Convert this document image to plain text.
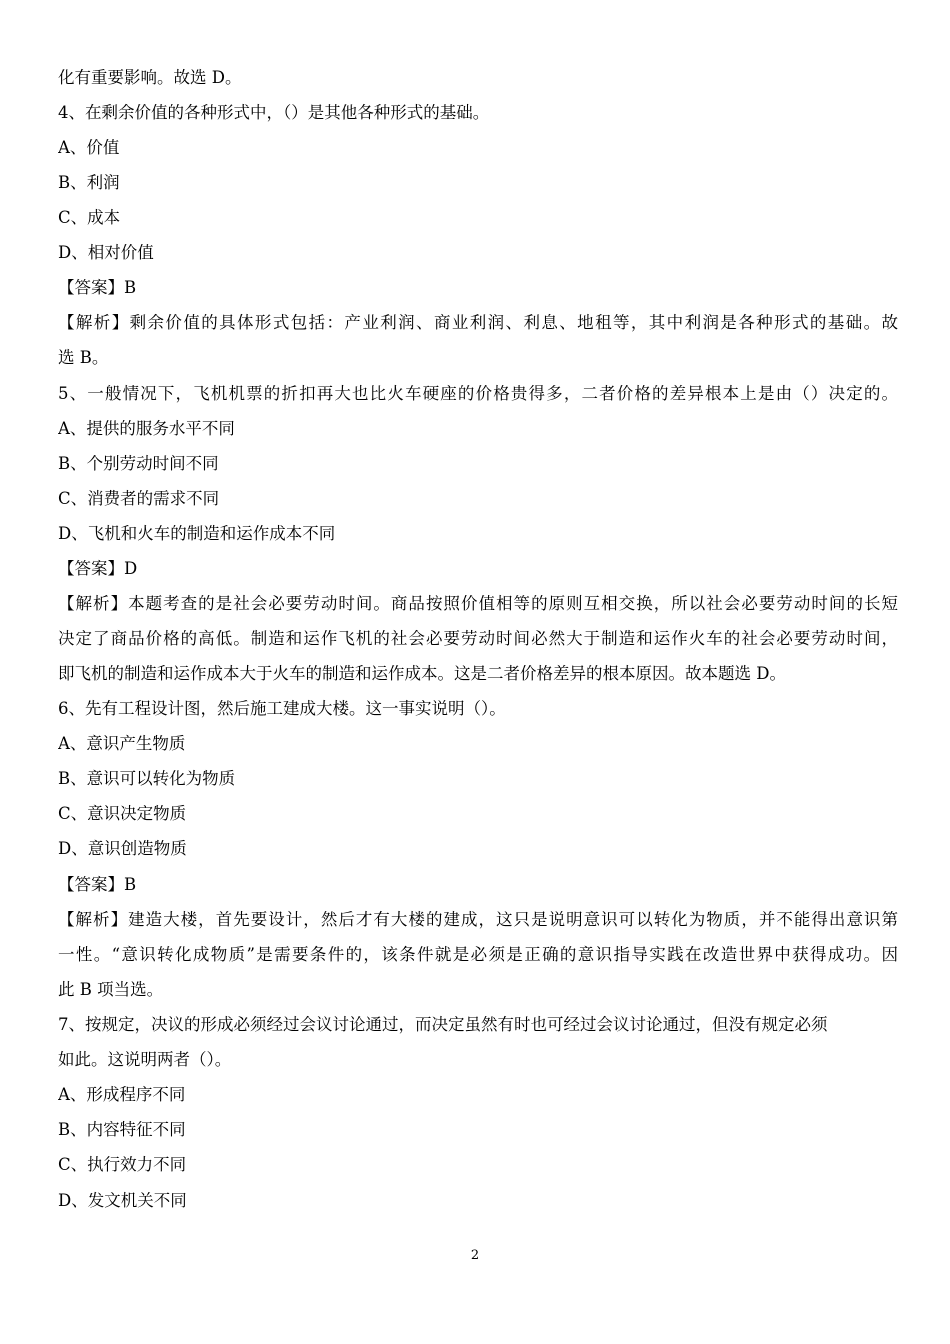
化有重要影响。故选 D。
4、在剩余价值的各种形式中，（）是其他各种形式的基础。
A、价值
B、利润
C、成本
D、相对价值
【答案】B
【解析】剩余价值的具体形式包括：产业利润、商业利润、利息、地租等，其中利润是各种形式的基础。故
选 B。
5、一般情况下，飞机机票的折扣再大也比火车硬座的价格贵得多，二者价格的差异根本上是由（）决定的。
A、提供的服务水平不同
B、个别劳动时间不同
C、消费者的需求不同
D、飞机和火车的制造和运作成本不同
【答案】D
【解析】本题考查的是社会必要劳动时间。商品按照价值相等的原则互相交换，所以社会必要劳动时间的长短
决定了商品价格的高低。制造和运作飞机的社会必要劳动时间必然大于制造和运作火车的社会必要劳动时间，
即飞机的制造和运作成本大于火车的制造和运作成本。这是二者价格差异的根本原因。故本题选 D。
6、先有工程设计图，然后施工建成大楼。这一事实说明（）。
A、意识产生物质
B、意识可以转化为物质
C、意识决定物质
D、意识创造物质
【答案】B
【解析】建造大楼，首先要设计，然后才有大楼的建成，这只是说明意识可以转化为物质，并不能得出意识第
一性。“意识转化成物质”是需要条件的，该条件就是必须是正确的意识指导实践在改造世界中获得成功。因
此 B 项当选。
7、按规定，决议的形成必须经过会议讨论通过，而决定虽然有时也可经过会议讨论通过，但没有规定必须
如此。这说明两者（）。
A、形成程序不同
B、内容特征不同
C、执行效力不同
D、发文机关不同
2
